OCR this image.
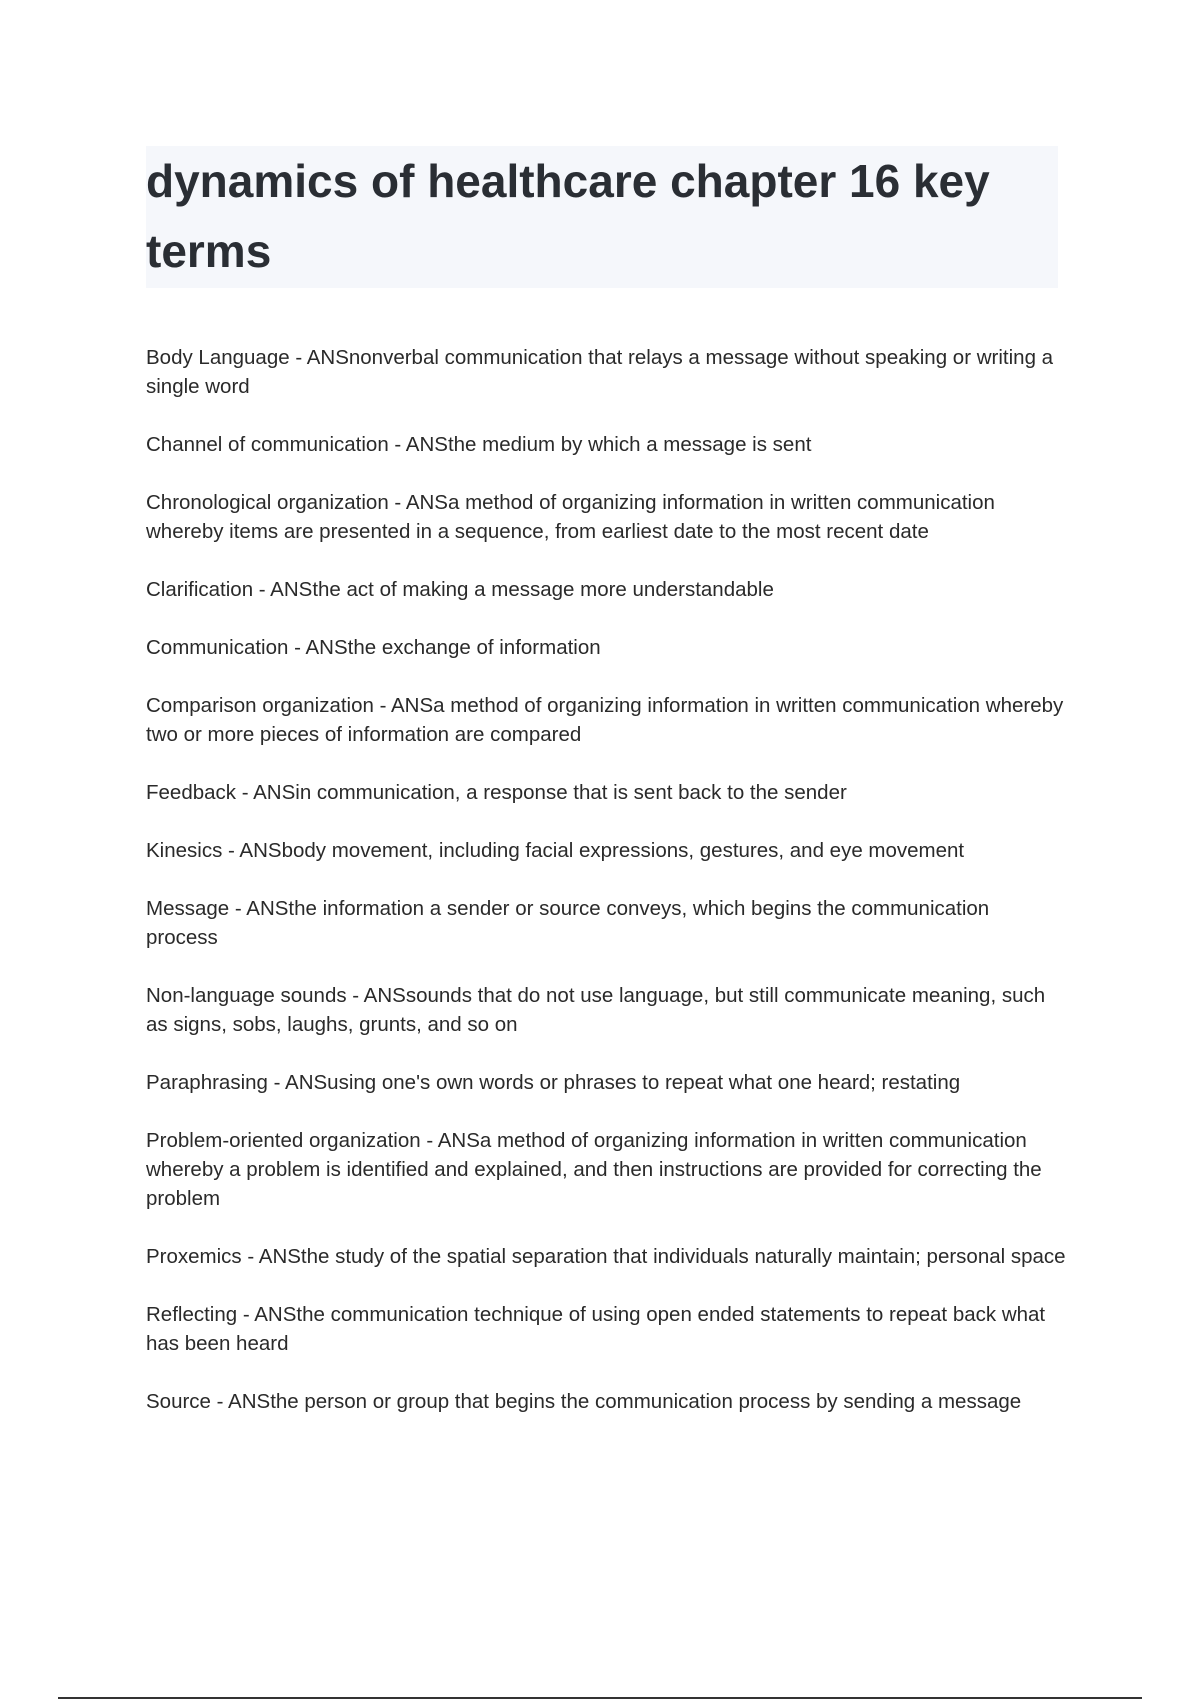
dynamics of healthcare chapter 16 key terms

Body Language - ANSnonverbal communication that relays a message without speaking or writing a single word

Channel of communication - ANSthe medium by which a message is sent

Chronological organization - ANSa method of organizing information in written communication whereby items are presented in a sequence, from earliest date to the most recent date

Clarification - ANSthe act of making a message more understandable

Communication - ANSthe exchange of information

Comparison organization - ANSa method of organizing information in written communication whereby two or more pieces of information are compared

Feedback - ANSin communication, a response that is sent back to the sender

Kinesics - ANSbody movement, including facial expressions, gestures, and eye movement

Message - ANSthe information a sender or source conveys, which begins the communication process

Non-language sounds - ANSsounds that do not use language, but still communicate meaning, such as signs, sobs, laughs, grunts, and so on

Paraphrasing - ANSusing one's own words or phrases to repeat what one heard; restating

Problem-oriented organization - ANSa method of organizing information in written communication whereby a problem is identified and explained, and then instructions are provided for correcting the problem

Proxemics - ANSthe study of the spatial separation that individuals naturally maintain; personal space

Reflecting - ANSthe communication technique of using open ended statements to repeat back what has been heard

Source - ANSthe person or group that begins the communication process by sending a message
